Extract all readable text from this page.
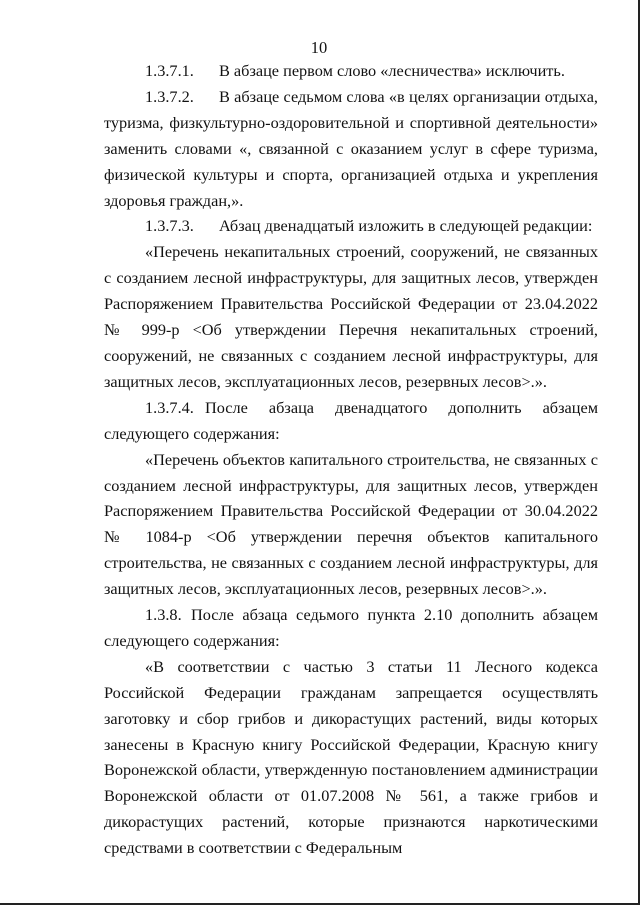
10

1.3.7.1. В абзаце первом слово «лесничества» исключить.

1.3.7.2. В абзаце седьмом слова «в целях организации отдыха, туризма, физкультурно-оздоровительной и спортивной деятельности» заменить словами «, связанной с оказанием услуг в сфере туризма, физической культуры и спорта, организацией отдыха и укрепления здоровья граждан,».

1.3.7.3. Абзац двенадцатый изложить в следующей редакции:

«Перечень некапитальных строений, сооружений, не связанных с созданием лесной инфраструктуры, для защитных лесов, утвержден Распоряжением Правительства Российской Федерации от 23.04.2022 № 999-р <Об утверждении Перечня некапитальных строений, сооружений, не связанных с созданием лесной инфраструктуры, для защитных лесов, эксплуатационных лесов, резервных лесов>.».

1.3.7.4. После абзаца двенадцатого дополнить абзацем следующего содержания:

«Перечень объектов капитального строительства, не связанных с созданием лесной инфраструктуры, для защитных лесов, утвержден Распоряжением Правительства Российской Федерации от 30.04.2022 № 1084-р <Об утверждении перечня объектов капитального строительства, не связанных с созданием лесной инфраструктуры, для защитных лесов, эксплуатационных лесов, резервных лесов>.».

1.3.8. После абзаца седьмого пункта 2.10 дополнить абзацем следующего содержания:

«В соответствии с частью 3 статьи 11 Лесного кодекса Российской Федерации гражданам запрещается осуществлять заготовку и сбор грибов и дикорастущих растений, виды которых занесены в Красную книгу Российской Федерации, Красную книгу Воронежской области, утвержденную постановлением администрации Воронежской области от 01.07.2008 № 561, а также грибов и дикорастущих растений, которые признаются наркотическими средствами в соответствии с Федеральным
